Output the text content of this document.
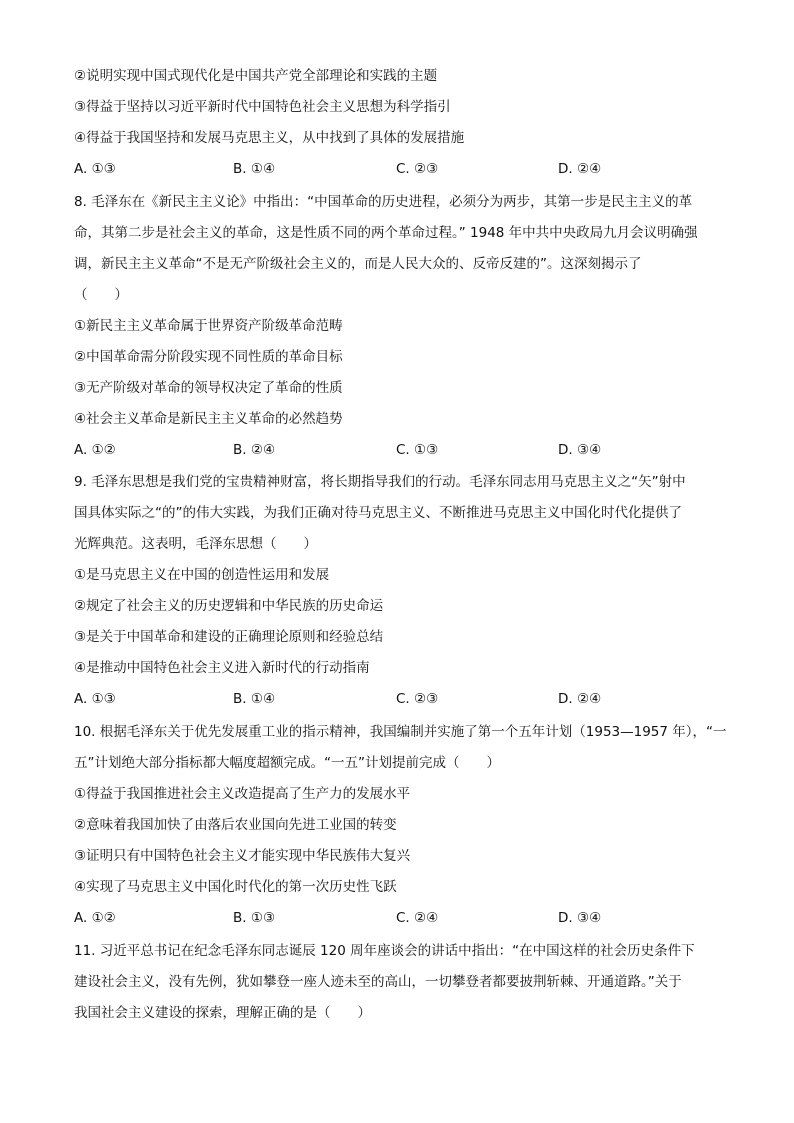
②说明实现中国式现代化是中国共产党全部理论和实践的主题
③得益于坚持以习近平新时代中国特色社会主义思想为科学指引
④得益于我国坚持和发展马克思主义，从中找到了具体的发展措施
A. ①③	B. ①④	C. ②③	D. ②④
8. 毛泽东在《新民主主义论》中指出：“中国革命的历史进程，必须分为两步，其第一步是民主主义的革
命，其第二步是社会主义的革命，这是性质不同的两个革命过程。” 1948 年中共中央政局九月会议明确强
调，新民主主义革命“不是无产阶级社会主义的，而是人民大众的、反帝反建的”。这深刻揭示了
（　　）
①新民主主义革命属于世界资产阶级革命范畴
②中国革命需分阶段实现不同性质的革命目标
③无产阶级对革命的领导权决定了革命的性质
④社会主义革命是新民主主义革命的必然趋势
A. ①②	B. ②④	C. ①③	D. ③④
9. 毛泽东思想是我们党的宝贵精神财富，将长期指导我们的行动。毛泽东同志用马克思主义之“矢”射中
国具体实际之“的”的伟大实践，为我们正确对待马克思主义、不断推进马克思主义中国化时代化提供了
光辉典范。这表明，毛泽东思想（　　）
①是马克思主义在中国的创造性运用和发展
②规定了社会主义的历史逻辑和中华民族的历史命运
③是关于中国革命和建设的正确理论原则和经验总结
④是推动中国特色社会主义进入新时代的行动指南
A. ①③	B. ①④	C. ②③	D. ②④
10. 根据毛泽东关于优先发展重工业的指示精神，我国编制并实施了第一个五年计划（1953—1957 年），“一
五”计划绝大部分指标都大幅度超额完成。“一五”计划提前完成（　　）
①得益于我国推进社会主义改造提高了生产力的发展水平
②意味着我国加快了由落后农业国向先进工业国的转变
③证明只有中国特色社会主义才能实现中华民族伟大复兴
④实现了马克思主义中国化时代化的第一次历史性飞跃
A. ①②	B. ①③	C. ②④	D. ③④
11. 习近平总书记在纪念毛泽东同志诞辰 120 周年座谈会的讲话中指出：“在中国这样的社会历史条件下
建设社会主义，没有先例，犹如攀登一座人迹未至的高山，一切攀登者都要披荆斩棘、开通道路。”关于
我国社会主义建设的探索，理解正确的是（　　）
